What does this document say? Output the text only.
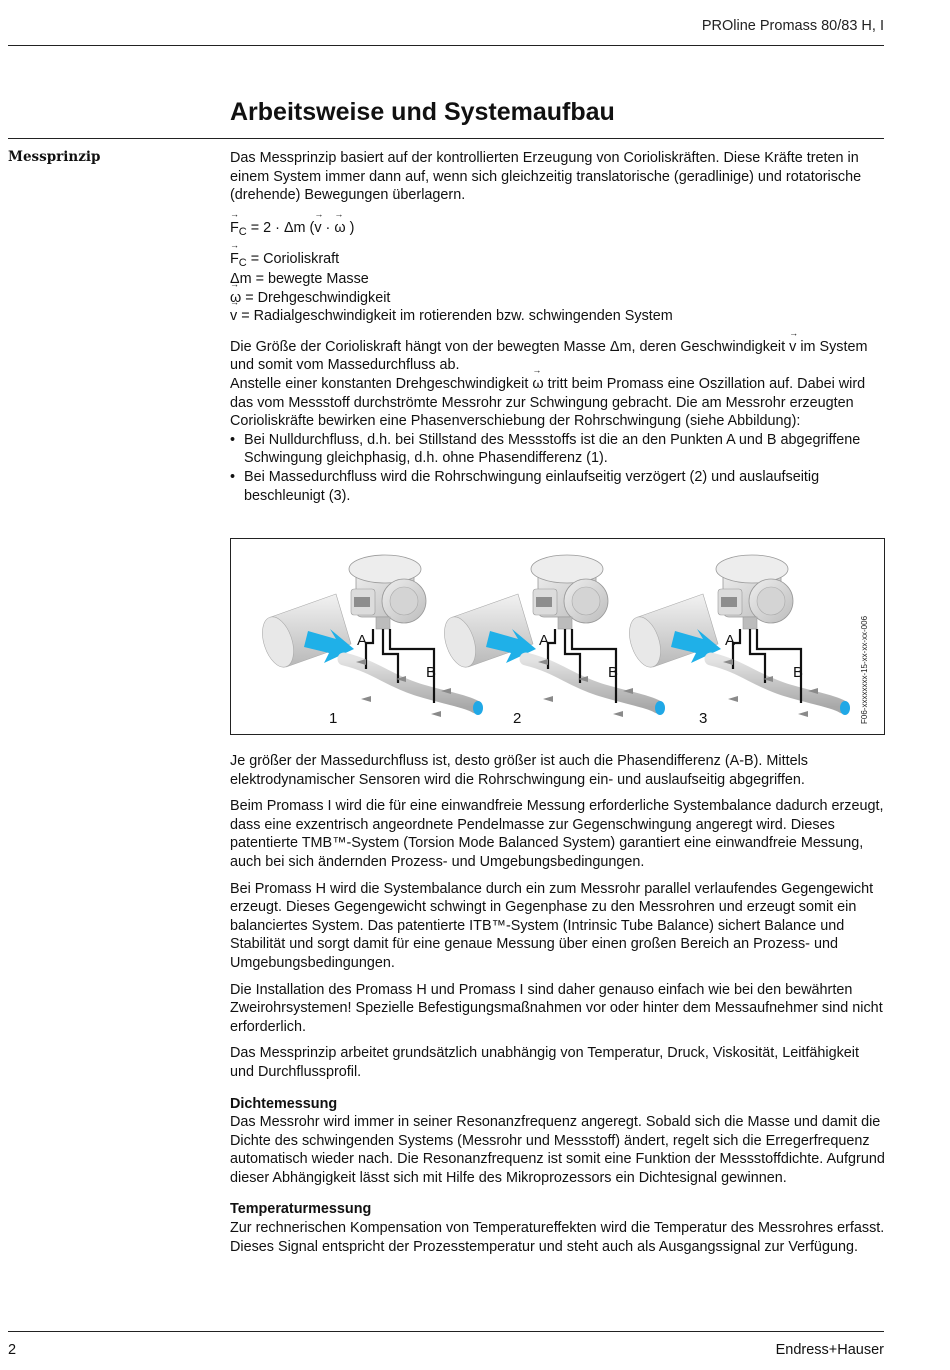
PROline Promass 80/83 H, I
Arbeitsweise und Systemaufbau
Messprinzip	Das Messprinzip basiert auf der kontrollierten Erzeugung von Corioliskräften. Diese Kräfte treten in einem System immer dann auf, wenn sich gleichzeitig translatorische (geradlinige) und rotatorische (drehende) Bewegungen überlagern.

→ $F_C = 2 \cdot \Delta m$ (→ v · → ω )

→ $F_C$ = Corioliskraft
Δm = bewegte Masse
→ ω = Drehgeschwindigkeit
→ v = Radialgeschwindigkeit im rotierenden bzw. schwingenden System

Die Größe der Corioliskraft hängt von der bewegten Masse Δm, deren Geschwindigkeit → v im System und somit vom Massedurchfluss ab.
Anstelle einer konstanten Drehgeschwindigkeit → ω tritt beim Promass eine Oszillation auf. Dabei wird das vom Messstoff durchströmte Messrohr zur Schwingung gebracht. Die am Messrohr erzeugten Corioliskräfte bewirken eine Phasenverschiebung der Rohrschwingung (siehe Abbildung):

• Bei Nulldurchfluss, d.h. bei Stillstand des Messstoffs ist die an den Punkten A und B abgegriffene Schwingung gleichphasig, d.h. ohne Phasendifferenz (1).
• Bei Massedurchfluss wird die Rohrschwingung einlaufseitig verzögert (2) und auslaufseitig beschleunigt (3).
A
B
A
B
A
B
1	2	3	F06-xxxxxxxx-15-xx-xx-xx-006

Je größer der Massedurchfluss ist, desto größer ist auch die Phasendifferenz (A-B). Mittels elektrodynamischer Sensoren wird die Rohrschwingung ein- und auslaufseitig abgegriffen.

Beim Promass I wird die für eine einwandfreie Messung erforderliche Systembalance dadurch erzeugt, dass eine exzentrisch angeordnete Pendelmasse zur Gegenschwingung angeregt wird. Dieses patentierte TMB™-System (Torsion Mode Balanced System) garantiert eine einwandfreie Messung, auch bei sich ändernden Prozess- und Umgebungsbedingungen.

Bei Promass H wird die Systembalance durch ein zum Messrohr parallel verlaufendes Gegengewicht erzeugt. Dieses Gegengewicht schwingt in Gegenphase zu den Messrohren und erzeugt somit ein balanciertes System. Das patentierte ITB™-System (Intrinsic Tube Balance) sichert Balance und Stabilität und sorgt damit für eine genaue Messung über einen großen Bereich an Prozess- und Umgebungsbedingungen.

Die Installation des Promass H und Promass I sind daher genauso einfach wie bei den bewährten Zweirohrsystemen! Spezielle Befestigungsmaßnahmen vor oder hinter dem Messaufnehmer sind nicht erforderlich.

Das Messprinzip arbeitet grundsätzlich unabhängig von Temperatur, Druck, Viskosität, Leitfähigkeit und Durchflussprofil.

Dichtemessung

Das Messrohr wird immer in seiner Resonanzfrequenz angeregt. Sobald sich die Masse und damit die Dichte des schwingenden Systems (Messrohr und Messstoff) ändert, regelt sich die Erregerfrequenz automatisch wieder nach. Die Resonanzfrequenz ist somit eine Funktion der Messstoffdichte. Aufgrund dieser Abhängigkeit lässt sich mit Hilfe des Mikroprozessors ein Dichtesignal gewinnen.

Temperaturmessung

Zur rechnerischen Kompensation von Temperatureffekten wird die Temperatur des Messrohres erfasst. Dieses Signal entspricht der Prozesstemperatur und steht auch als Ausgangssignal zur Verfügung.

2	Endress+Hauser
